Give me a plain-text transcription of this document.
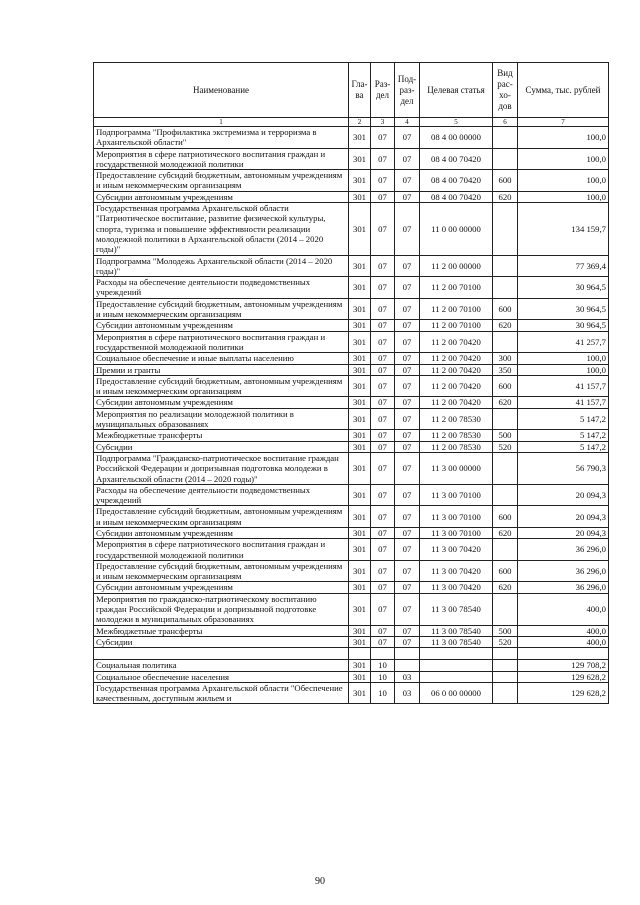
Наименование	Гла-ва	Раз-дел	Под-раз-дел	Целевая статья	Вид рас-хо-дов	Сумма, тыс. рублей
1	2	3	4	5	6	7
Подпрограмма "Профилактика экстремизма и терроризма в Архангельской области"	301	07	07	08 4 00 00000		100,0
Мероприятия в сфере патриотического воспитания граждан и государственной молодежной политики	301	07	07	08 4 00 70420		100,0
Предоставление субсидий бюджетным, автономным учреждениям и иным некоммерческим организациям	301	07	07	08 4 00 70420	600	100,0
Субсидии автономным учреждениям	301	07	07	08 4 00 70420	620	100,0
Государственная программа Архангельской области "Патриотическое воспитание, развитие физической культуры, спорта, туризма и повышение эффективности реализации молодежной политики в Архангельской области (2014 – 2020 годы)"	301	07	07	11 0 00 00000		134 159,7
Подпрограмма "Молодежь Архангельской области (2014 – 2020 годы)"	301	07	07	11 2 00 00000		77 369,4
Расходы на обеспечение деятельности подведомственных учреждений	301	07	07	11 2 00 70100		30 964,5
Предоставление субсидий бюджетным, автономным учреждениям и иным некоммерческим организациям	301	07	07	11 2 00 70100	600	30 964,5
Субсидии автономным учреждениям	301	07	07	11 2 00 70100	620	30 964,5
Мероприятия в сфере патриотического воспитания граждан и государственной молодежной политики	301	07	07	11 2 00 70420		41 257,7
Социальное обеспечение и иные выплаты населению	301	07	07	11 2 00 70420	300	100,0
Премии и гранты	301	07	07	11 2 00 70420	350	100,0
Предоставление субсидий бюджетным, автономным учреждениям и иным некоммерческим организациям	301	07	07	11 2 00 70420	600	41 157,7
Субсидии автономным учреждениям	301	07	07	11 2 00 70420	620	41 157,7
Мероприятия по реализации молодежной политики в муниципальных образованиях	301	07	07	11 2 00 78530		5 147,2
Межбюджетные трансферты	301	07	07	11 2 00 78530	500	5 147,2
Субсидии	301	07	07	11 2 00 78530	520	5 147,2
Подпрограмма "Гражданско-патриотическое воспитание граждан Российской Федерации и допризывная подготовка молодежи в Архангельской области (2014 – 2020 годы)"	301	07	07	11 3 00 00000		56 790,3
Расходы на обеспечение деятельности подведомственных учреждений	301	07	07	11 3 00 70100		20 094,3
Предоставление субсидий бюджетным, автономным учреждениям и иным некоммерческим организациям	301	07	07	11 3 00 70100	600	20 094,3
Субсидии автономным учреждениям	301	07	07	11 3 00 70100	620	20 094,3
Мероприятия в сфере патриотического воспитания граждан и государственной молодежной политики	301	07	07	11 3 00 70420		36 296,0
Предоставление субсидий бюджетным, автономным учреждениям и иным некоммерческим организациям	301	07	07	11 3 00 70420	600	36 296,0
Субсидии автономным учреждениям	301	07	07	11 3 00 70420	620	36 296,0
Мероприятия по гражданско-патриотическому воспитанию граждан Российской Федерации и допризывной подготовке молодежи в муниципальных образованиях	301	07	07	11 3 00 78540		400,0
Межбюджетные трансферты	301	07	07	11 3 00 78540	500	400,0
Субсидии	301	07	07	11 3 00 78540	520	400,0

Социальная политика	301	10				129 708,2
Социальное обеспечение населения	301	10	03			129 628,2
Государственная программа Архангельской области "Обеспечение качественным, доступным жильем и	301	10	03	06 0 00 00000		129 628,2
90
